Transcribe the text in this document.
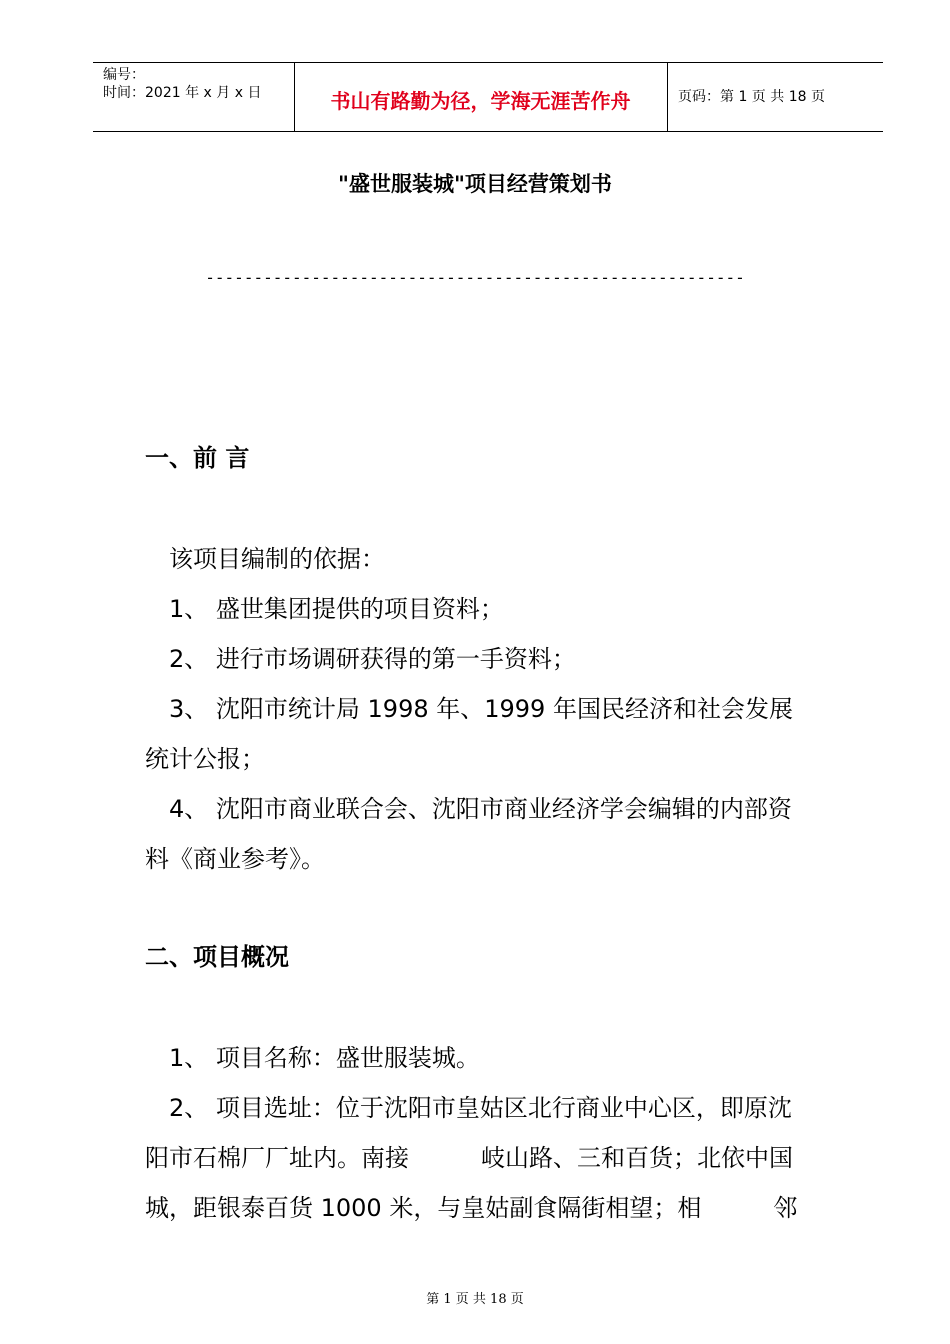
编号：
时间：2021 年 x 月 x 日	书山有路勤为径，学海无涯苦作舟	页码：第 1 页 共 18 页
"盛世服装城"项目经营策划书
--------------------------------------------------------
一、前 言
　该项目编制的依据：
　1、 盛世集团提供的项目资料；
　2、 进行市场调研获得的第一手资料；
　3、 沈阳市统计局 1998 年、1999 年国民经济和社会发展
统计公报；
　4、 沈阳市商业联合会、沈阳市商业经济学会编辑的内部资
料《商业参考》。
二、项目概况
　1、 项目名称：盛世服装城。
　2、 项目选址：位于沈阳市皇姑区北行商业中心区，即原沈
阳市石棉厂厂址内。南接　　　岐山路、三和百货；北依中国
城，距银泰百货 1000 米，与皇姑副食隔街相望；相　　　邻
第 1 页 共 18 页
